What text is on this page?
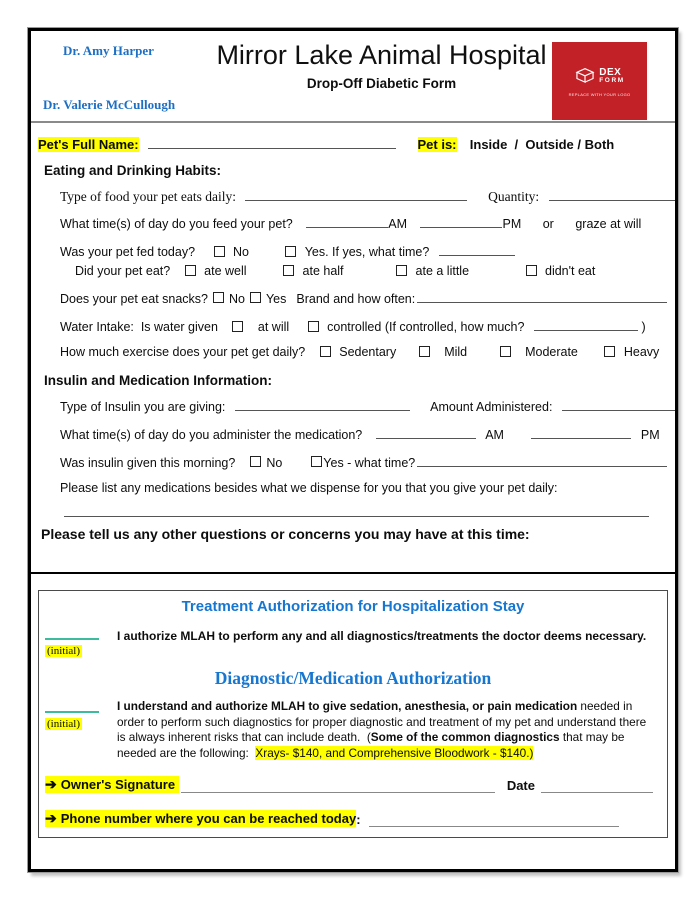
Dr. Amy Harper
Dr. Valerie McCullough
Mirror Lake Animal Hospital
Drop-Off Diabetic Form
DEX
FORM
REPLACE WITH YOUR LOGO
Pet's Full Name:	Pet is: Inside  /  Outside / Both
Eating and Drinking Habits:
Type of food your pet eats daily:	Quantity:
What time(s) of day do you feed your pet?	AM	PM or graze at will
Was your pet fed today?	No	Yes. If yes, what time?
Did your pet eat?	ate well	ate half	ate a little	didn't eat
Does your pet eat snacks? No Yes Brand and how often:
Water Intake:  Is water given	at will	controlled (If controlled, how much?	)
How much exercise does your pet get daily?	Sedentary	Mild	Moderate	Heavy
Insulin and Medication Information:
Type of Insulin you are giving:	Amount Administered:
What time(s) of day do you administer the medication?	AM	PM
Was insulin given this morning? No	Yes - what time?
Please list any medications besides what we dispense for you that you give your pet daily:
Please tell us any other questions or concerns you may have at this time:
Treatment Authorization for Hospitalization Stay
(initial)
I authorize MLAH to perform any and all diagnostics/treatments the doctor deems necessary.
Diagnostic/Medication Authorization
(initial)
I understand and authorize MLAH to give sedation, anesthesia, or pain medication needed in order to perform such diagnostics for proper diagnostic and treatment of my pet and understand there is always inherent risks that can include death.  (Some of the common diagnostics that may be needed are the following:  Xrays- $140, and Comprehensive Bloodwork - $140.)
➔ Owner's Signature	Date
➔ Phone number where you can be reached today :
